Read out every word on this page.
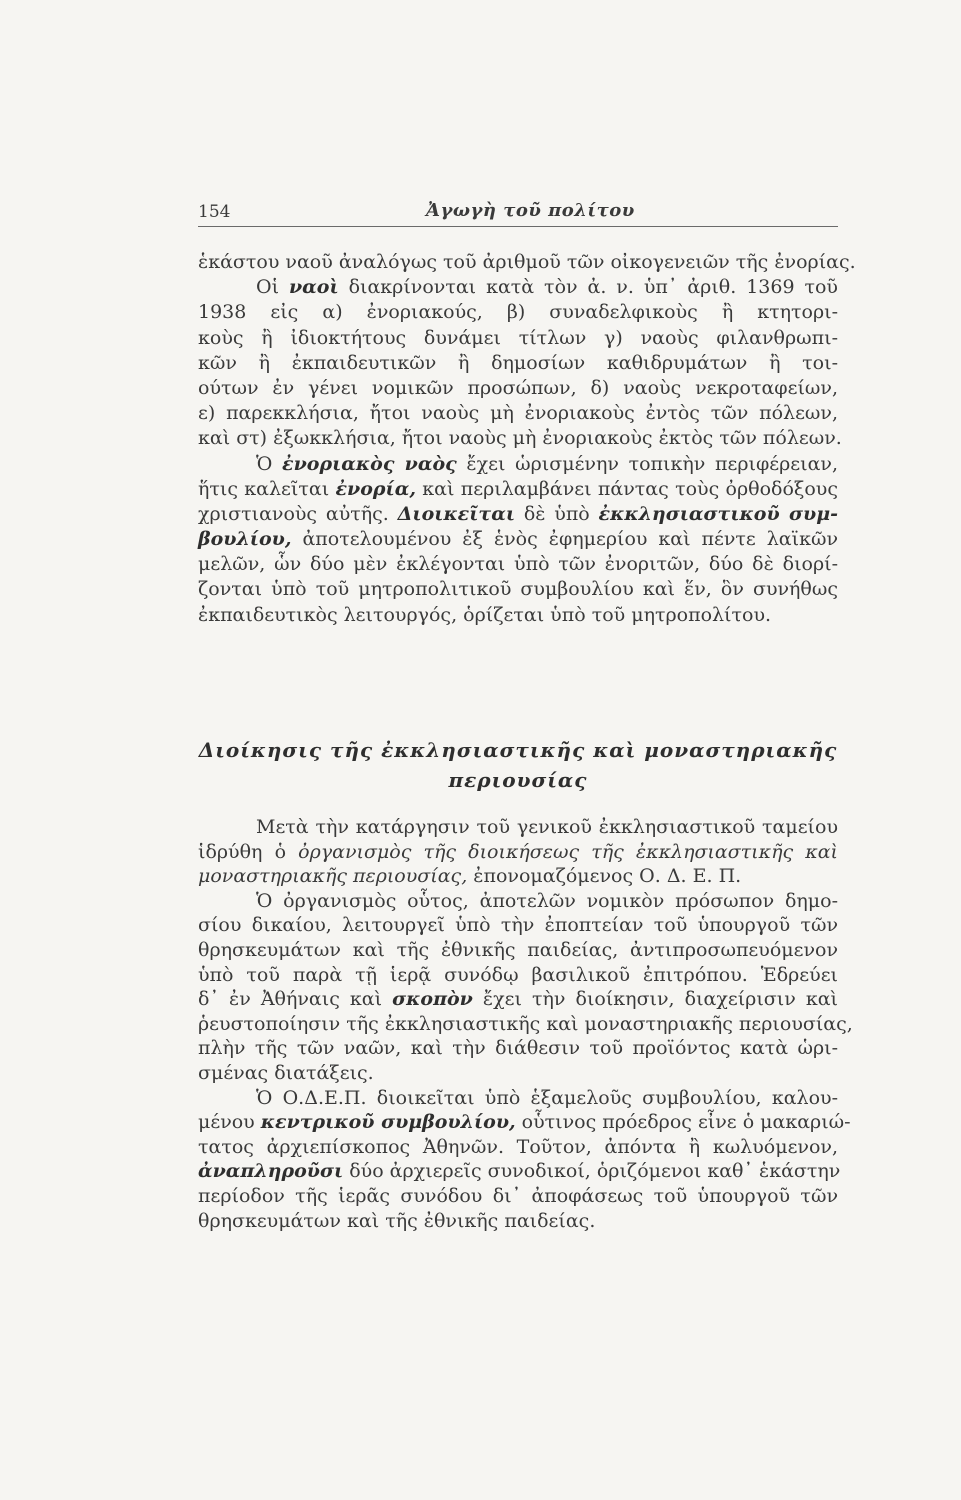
154	Ἀγωγὴ τοῦ πολίτου
ἑκάστου ναοῦ ἀναλόγως τοῦ ἀριθμοῦ τῶν οἰκογενειῶν τῆς ἐνορίας.
Οἱ ναοὶ διακρίνονται κατὰ τὸν ἀ. ν. ὑπ᾽ ἀριθ. 1369 τοῦ
1938 εἰς α) ἐνοριακούς, β) συναδελφικοὺς ἢ κτητορι-
κοὺς ἢ ἰδιοκτήτους δυνάμει τίτλων γ) ναοὺς φιλανθρωπι-
κῶν ἢ ἐκπαιδευτικῶν ἢ δημοσίων καθιδρυμάτων ἢ τοι-
ούτων ἐν γένει νομικῶν προσώπων, δ) ναοὺς νεκροταφείων,
ε) παρεκκλήσια, ἤτοι ναοὺς μὴ ἐνοριακοὺς ἐντὸς τῶν πόλεων,
καὶ στ) ἐξωκκλήσια, ἤτοι ναοὺς μὴ ἐνοριακοὺς ἐκτὸς τῶν πόλεων.
Ὁ ἐνοριακὸς ναὸς ἔχει ὡρισμένην τοπικὴν περιφέρειαν,
ἥτις καλεῖται ἐνορία, καὶ περιλαμβάνει πάντας τοὺς ὀρθοδόξους
χριστιανοὺς αὐτῆς. Διοικεῖται δὲ ὑπὸ ἐκκλησιαστικοῦ συμ-
βουλίου, ἀποτελουμένου ἐξ ἑνὸς ἐφημερίου καὶ πέντε λαϊκῶν
μελῶν, ὧν δύο μὲν ἐκλέγονται ὑπὸ τῶν ἐνοριτῶν, δύο δὲ διορί-
ζονται ὑπὸ τοῦ μητροπολιτικοῦ συμβουλίου καὶ ἕν, ὃν συνήθως
ἐκπαιδευτικὸς λειτουργός, ὁρίζεται ὑπὸ τοῦ μητροπολίτου.
Διοίκησις τῆς ἐκκλησιαστικῆς καὶ μοναστηριακῆς
περιουσίας
Μετὰ τὴν κατάργησιν τοῦ γενικοῦ ἐκκλησιαστικοῦ ταμείου
ἱδρύθη ὁ ὀργανισμὸς τῆς διοικήσεως τῆς ἐκκλησιαστικῆς καὶ
μοναστηριακῆς περιουσίας, ἐπονομαζόμενος Ο. Δ. Ε. Π.
Ὁ ὀργανισμὸς οὗτος, ἀποτελῶν νομικὸν πρόσωπον δημο-
σίου δικαίου, λειτουργεῖ ὑπὸ τὴν ἐποπτείαν τοῦ ὑπουργοῦ τῶν
θρησκευμάτων καὶ τῆς ἐθνικῆς παιδείας, ἀντιπροσωπευόμενον
ὑπὸ τοῦ παρὰ τῇ ἱερᾷ συνόδῳ βασιλικοῦ ἐπιτρόπου. Ἑδρεύει
δ᾽ ἐν Ἀθήναις καὶ σκοπὸν ἔχει τὴν διοίκησιν, διαχείρισιν καὶ
ῥευστοποίησιν τῆς ἐκκλησιαστικῆς καὶ μοναστηριακῆς περιουσίας,
πλὴν τῆς τῶν ναῶν, καὶ τὴν διάθεσιν τοῦ προϊόντος κατὰ ὡρι-
σμένας διατάξεις.
Ὁ Ο.Δ.Ε.Π. διοικεῖται ὑπὸ ἑξαμελοῦς συμβουλίου, καλου-
μένου κεντρικοῦ συμβουλίου, οὗτινος πρόεδρος εἶνε ὁ μακαριώ-
τατος ἀρχιεπίσκοπος Ἀθηνῶν. Τοῦτον, ἀπόντα ἢ κωλυόμενον,
ἀναπληροῦσι δύο ἀρχιερεῖς συνοδικοί, ὁριζόμενοι καθ᾽ ἑκάστην
περίοδον τῆς ἱερᾶς συνόδου δι᾽ ἀποφάσεως τοῦ ὑπουργοῦ τῶν
θρησκευμάτων καὶ τῆς ἐθνικῆς παιδείας.
